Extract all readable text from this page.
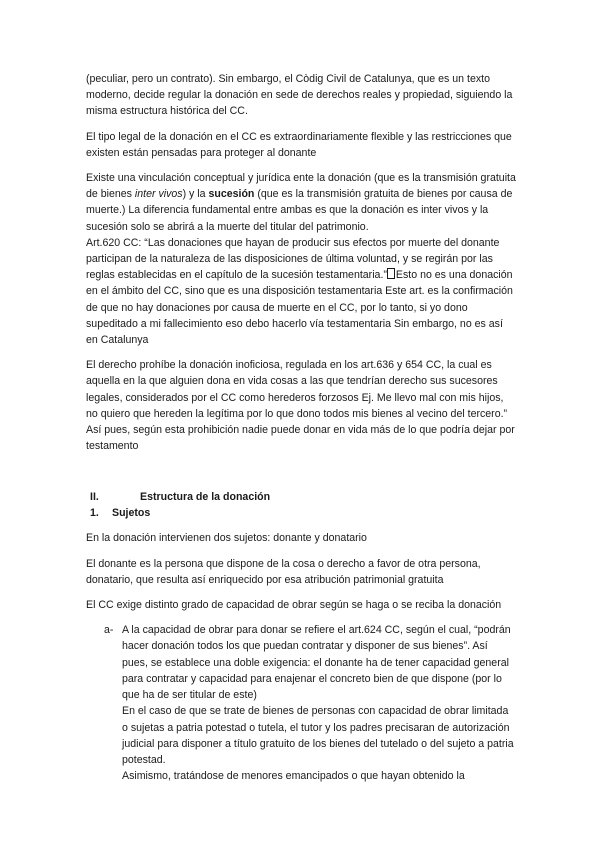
(peculiar, pero un contrato). Sin embargo, el Còdig Civil de Catalunya, que es un texto moderno, decide regular la donación en sede de derechos reales y propiedad, siguiendo la misma estructura histórica del CC.

El tipo legal de la donación en el CC es extraordinariamente flexible y las restricciones que existen están pensadas para proteger al donante

Existe una vinculación conceptual y jurídica ente la donación (que es la transmisión gratuita de bienes inter vivos) y la sucesión (que es la transmisión gratuita de bienes por causa de muerte.) La diferencia fundamental entre ambas es que la donación es inter vivos y la sucesión solo se abrirá a la muerte del titular del patrimonio.

Art.620 CC: “Las donaciones que hayan de producir sus efectos por muerte del donante participan de la naturaleza de las disposiciones de última voluntad, y se regirán por las reglas establecidas en el capítulo de la sucesión testamentaria.” Esto no es una donación en el ámbito del CC, sino que es una disposición testamentaria Este art. es la confirmación de que no hay donaciones por causa de muerte en el CC, por lo tanto, si yo dono supeditado a mi fallecimiento eso debo hacerlo vía testamentaria Sin embargo, no es así en Catalunya

El derecho prohíbe la donación inoficiosa, regulada en los art.636 y 654 CC, la cual es aquella en la que alguien dona en vida cosas a las que tendrían derecho sus sucesores legales, considerados por el CC como herederos forzosos Ej. Me llevo mal con mis hijos, no quiero que hereden la legítima por lo que dono todos mis bienes al vecino del tercero.” Así pues, según esta prohibición nadie puede donar en vida más de lo que podría dejar por testamento

II.	Estructura de la donación
1.	Sujetos

En la donación intervienen dos sujetos: donante y donatario

El donante es la persona que dispone de la cosa o derecho a favor de otra persona, donatario, que resulta así enriquecido por esa atribución patrimonial gratuita

El CC exige distinto grado de capacidad de obrar según se haga o se reciba la donación

a- A la capacidad de obrar para donar se refiere el art.624 CC, según el cual, “podrán hacer donación todos los que puedan contratar y disponer de sus bienes”. Así pues, se establece una doble exigencia: el donante ha de tener capacidad general para contratar y capacidad para enajenar el concreto bien de que dispone (por lo que ha de ser titular de este)
En el caso de que se trate de bienes de personas con capacidad de obrar limitada o sujetas a patria potestad o tutela, el tutor y los padres precisaran de autorización judicial para disponer a título gratuito de los bienes del tutelado o del sujeto a patria potestad.
Asimismo, tratándose de menores emancipados o que hayan obtenido la
